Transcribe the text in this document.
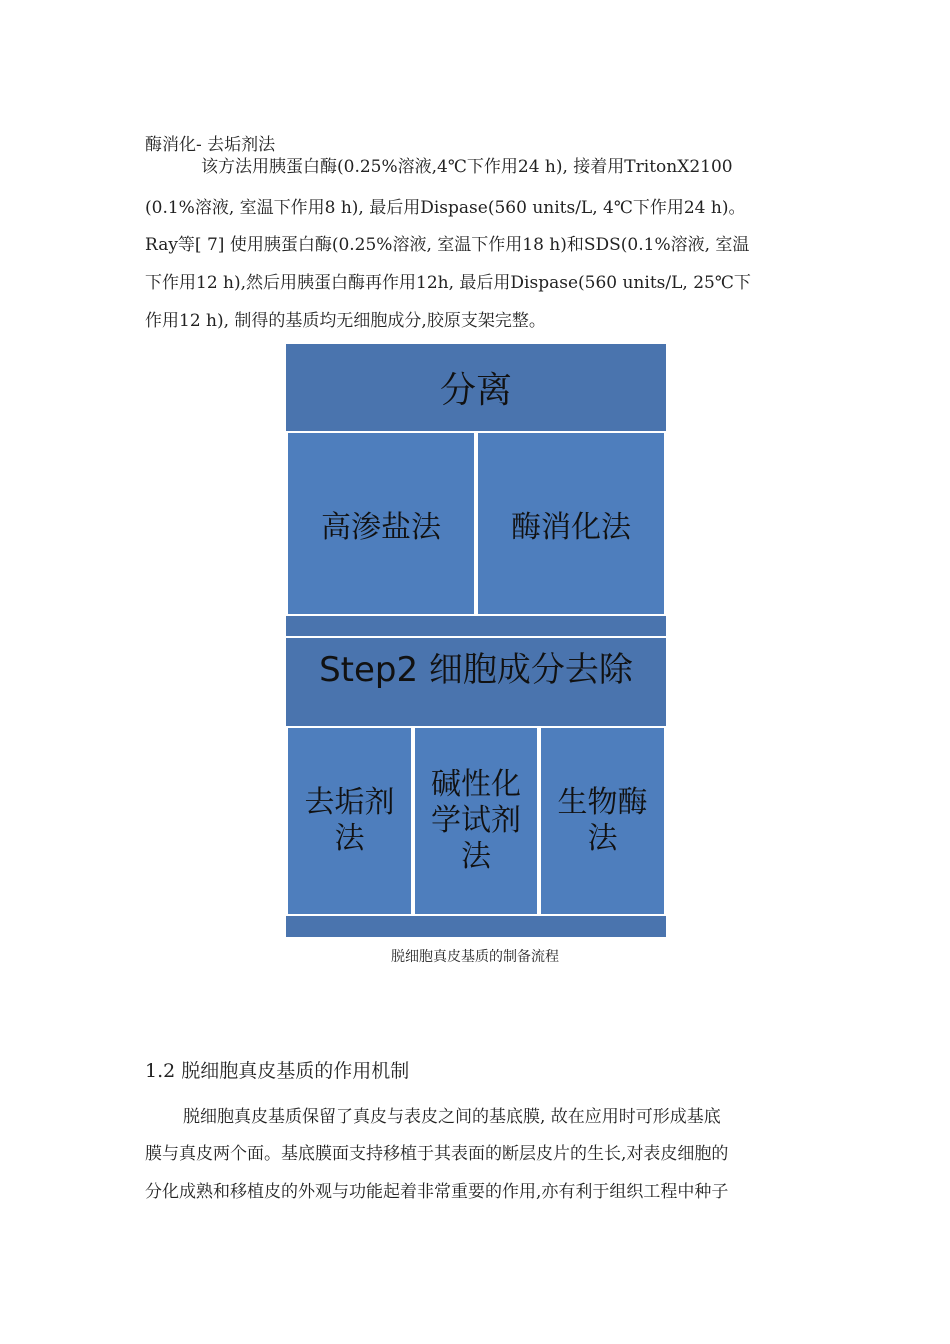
酶消化- 去垢剂法
该方法用胰蛋白酶(0.25%溶液,4℃下作用24 h), 接着用TritonX2100
(0.1%溶液, 室温下作用8 h), 最后用Dispase(560 units/L, 4℃下作用24 h)。
Ray等[ 7] 使用胰蛋白酶(0.25%溶液, 室温下作用18 h)和SDS(0.1%溶液, 室温
下作用12 h),然后用胰蛋白酶再作用12h, 最后用Dispase(560 units/L, 25℃下
作用12 h), 制得的基质均无细胞成分,胶原支架完整。
分离
高渗盐法	酶消化法
Step2 细胞成分去除
去垢剂法
碱性化学试剂法
生物酶法
脱细胞真皮基质的制备流程
1.2 脱细胞真皮基质的作用机制
脱细胞真皮基质保留了真皮与表皮之间的基底膜, 故在应用时可形成基底
膜与真皮两个面。基底膜面支持移植于其表面的断层皮片的生长,对表皮细胞的
分化成熟和移植皮的外观与功能起着非常重要的作用,亦有利于组织工程中种子
